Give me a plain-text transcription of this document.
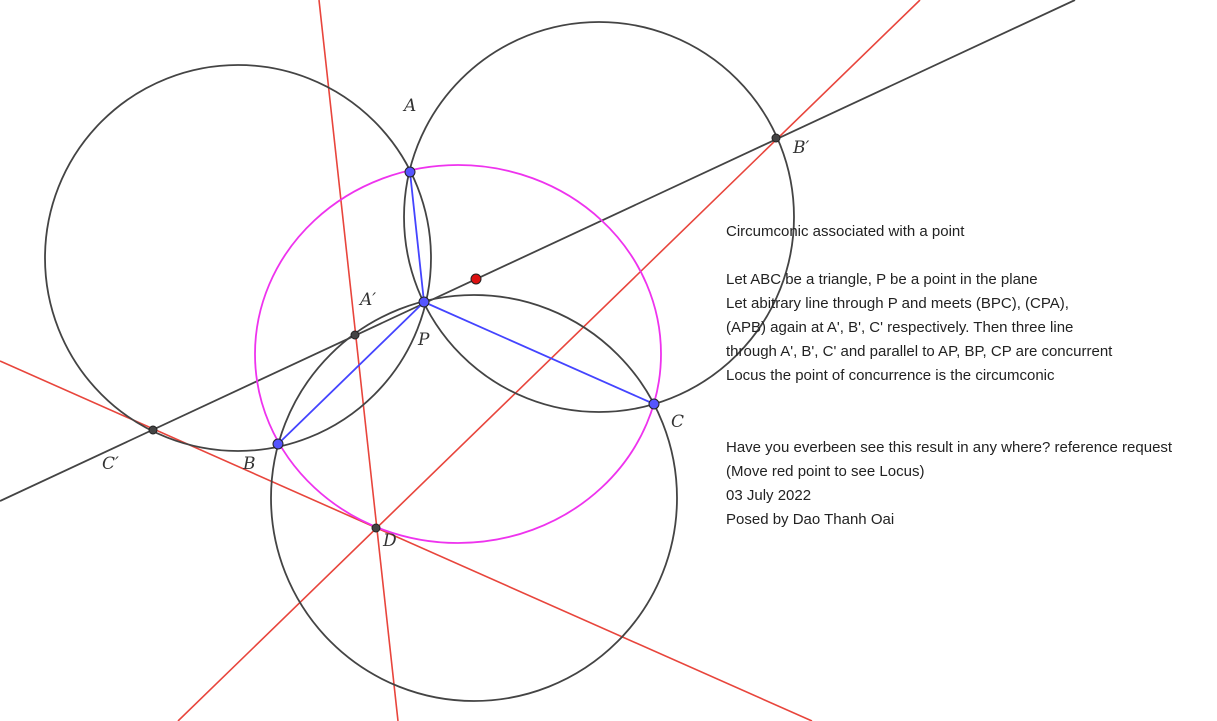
A
B
C
P
D
A′
B′
C′
Circumconic associated with a point
Let ABC be a triangle, P be a point in the plane
Let abitrary line through P and meets (BPC), (CPA),
(APB) again at A', B', C' respectively. Then three line
through A', B', C' and parallel to AP, BP, CP are concurrent
Locus the point of concurrence is the circumconic
Have you everbeen see this result in any where? reference request
(Move red point to see Locus)
03 July 2022
Posed by Dao Thanh Oai
